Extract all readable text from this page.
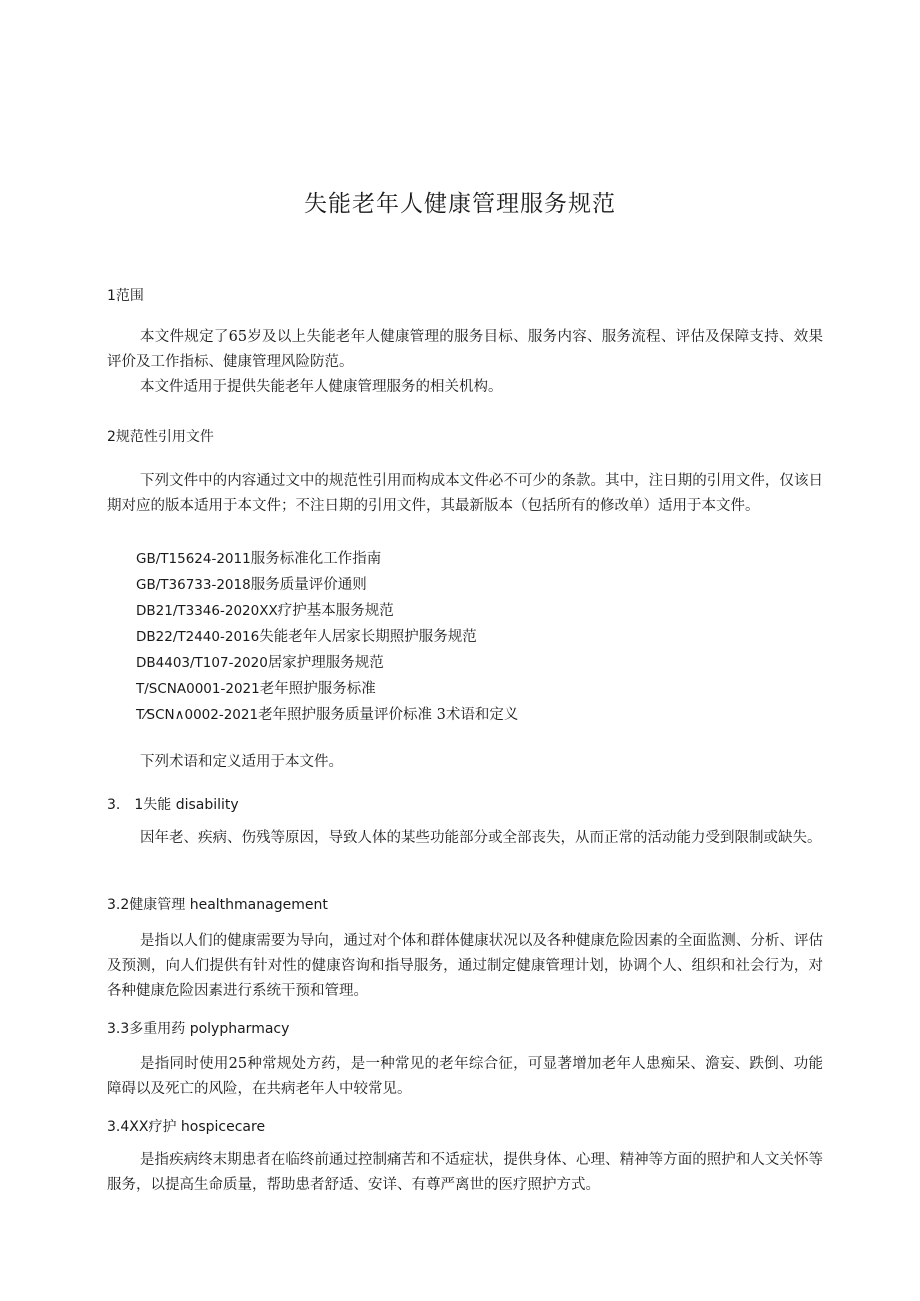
失能老年人健康管理服务规范
1范围

本文件规定了65岁及以上失能老年人健康管理的服务目标、服务内容、服务流程、评估及保障支持、效果评价及工作指标、健康管理风险防范。

本文件适用于提供失能老年人健康管理服务的相关机构。

2规范性引用文件

下列文件中的内容通过文中的规范性引用而构成本文件必不可少的条款。其中，注日期的引用文件，仅该日期对应的版本适用于本文件；不注日期的引用文件，其最新版本（包括所有的修改单）适用于本文件。

GB/T15624-2011服务标准化工作指南
GB/T36733-2018服务质量评价通则
DB21/T3346-2020XX疗护基本服务规范
DB22/T2440-2016失能老年人居家长期照护服务规范
DB4403/T107-2020居家护理服务规范
T/SCNA0001-2021老年照护服务标准
T⁄SCN∧0002-2021老年照护服务质量评价标准 3术语和定义

下列术语和定义适用于本文件。

3.　1失能 disability

因年老、疾病、伤残等原因，导致人体的某些功能部分或全部丧失，从而正常的活动能力受到限制或缺失。

3.2健康管理 healthmanagement

是指以人们的健康需要为导向，通过对个体和群体健康状况以及各种健康危险因素的全面监测、分析、评估及预测，向人们提供有针对性的健康咨询和指导服务，通过制定健康管理计划，协调个人、组织和社会行为，对各种健康危险因素进行系统干预和管理。

3.3多重用药 polypharmacy

是指同时使用25种常规处方药，是一种常见的老年综合征，可显著增加老年人患痴呆、澹妄、跌倒、功能障碍以及死亡的风险，在共病老年人中较常见。

3.4XX疗护 hospicecare

是指疾病终末期患者在临终前通过控制痛苦和不适症状，提供身体、心理、精神等方面的照护和人文关怀等服务，以提高生命质量，帮助患者舒适、安详、有尊严离世的医疗照护方式。
